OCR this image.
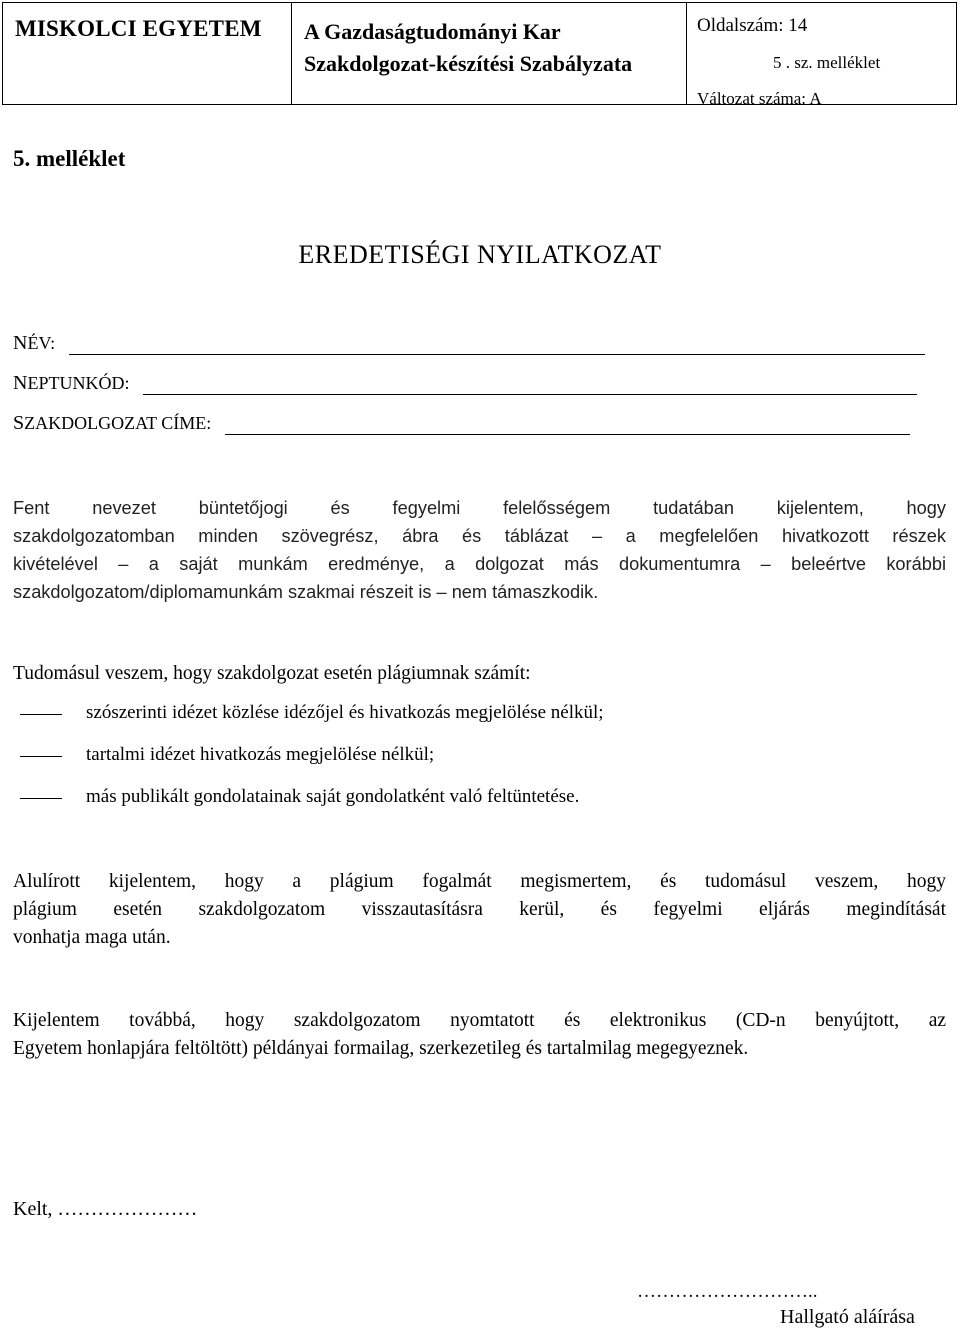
MISKOLCI EGYETEM	A Gazdaságtudományi Kar
Szakdolgozat-készítési Szabályzata
Oldalszám: 14
5 . sz. melléklet
Változat száma: A
5. melléklet
EREDETISÉGI NYILATKOZAT
NÉV:
NEPTUNKÓD:
SZAKDOLGOZAT CÍME:
Fent nevezet büntetőjogi és fegyelmi felelősségem tudatában kijelentem, hogy
szakdolgozatomban minden szövegrész, ábra és táblázat – a megfelelően hivatkozott részek
kivételével – a saját munkám eredménye, a dolgozat más dokumentumra – beleértve korábbi
szakdolgozatom/diplomamunkám szakmai részeit is – nem támaszkodik.
Tudomásul veszem, hogy szakdolgozat esetén plágiumnak számít:
szószerinti idézet közlése idézőjel és hivatkozás megjelölése nélkül;
tartalmi idézet hivatkozás megjelölése nélkül;
más publikált gondolatainak saját gondolatként való feltüntetése.
Alulírott kijelentem, hogy a plágium fogalmát megismertem, és tudomásul veszem, hogy
plágium esetén szakdolgozatom visszautasításra kerül, és fegyelmi eljárás megindítását
vonhatja maga után.
Kijelentem továbbá, hogy szakdolgozatom nyomtatott és elektronikus (CD-n benyújtott, az
Egyetem honlapjára feltöltött) példányai formailag, szerkezetileg és tartalmilag megegyeznek.
Kelt, …………………
………………………..
Hallgató aláírása
